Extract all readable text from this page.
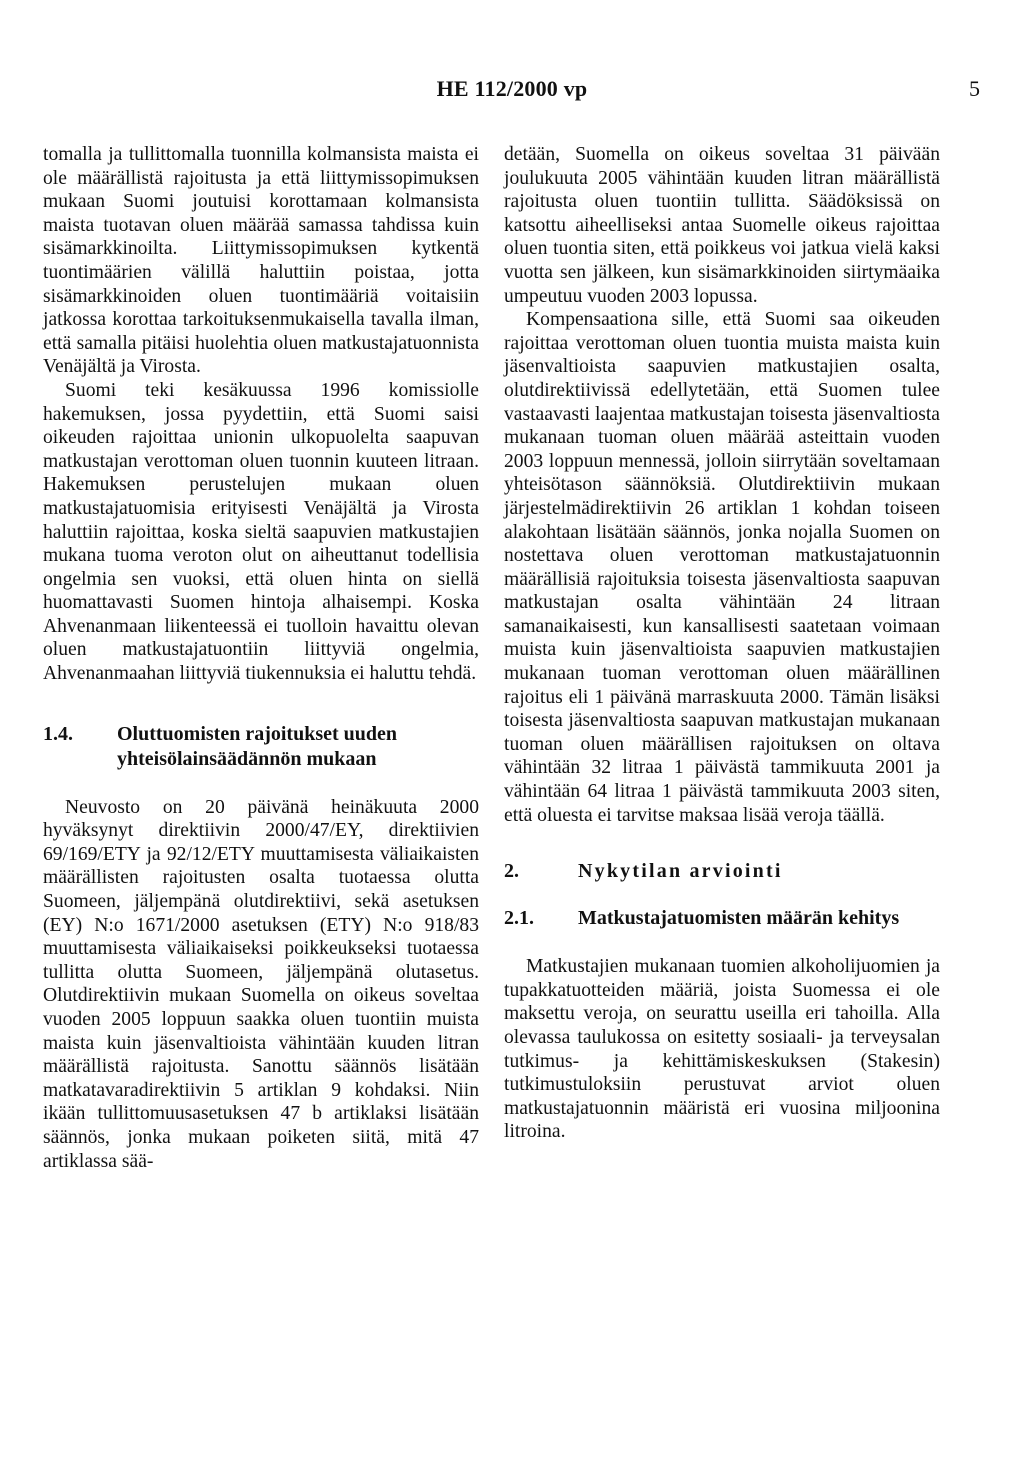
HE 112/2000 vp	5

tomalla ja tullittomalla tuonnilla kolmansista maista ei ole määrällistä rajoitusta ja että liittymissopimuksen mukaan Suomi joutuisi korottamaan kolmansista maista tuotavan oluen määrää samassa tahdissa kuin sisämarkkinoilta. Liittymissopimuksen kytkentä tuontimäärien välillä haluttiin poistaa, jotta sisämarkkinoiden oluen tuontimääriä voitaisiin jatkossa korottaa tarkoituksenmukaisella tavalla ilman, että samalla pitäisi huolehtia oluen matkustajatuonnista Venäjältä ja Virosta.

Suomi teki kesäkuussa 1996 komissiolle hakemuksen, jossa pyydettiin, että Suomi saisi oikeuden rajoittaa unionin ulkopuolelta saapuvan matkustajan verottoman oluen tuonnin kuuteen litraan. Hakemuksen perustelujen mukaan oluen matkustajatuomisia erityisesti Venäjältä ja Virosta haluttiin rajoittaa, koska sieltä saapuvien matkustajien mukana tuoma veroton olut on aiheuttanut todellisia ongelmia sen vuoksi, että oluen hinta on siellä huomattavasti Suomen hintoja alhaisempi. Koska Ahvenanmaan liikenteessä ei tuolloin havaittu olevan oluen matkustajatuontiin liittyviä ongelmia, Ahvenanmaahan liittyviä tiukennuksia ei haluttu tehdä.

1.4.	Oluttuomisten rajoitukset uuden yhteisölainsäädännön mukaan

Neuvosto on 20 päivänä heinäkuuta 2000 hyväksynyt direktiivin 2000/47/EY, direktiivien 69/169/ETY ja 92/12/ETY muuttamisesta väliaikaisten määrällisten rajoitusten osalta tuotaessa olutta Suomeen, jäljempänä olutdirektiivi, sekä asetuksen (EY) N:o 1671/2000 asetuksen (ETY) N:o 918/83 muuttamisesta väliaikaiseksi poikkeukseksi tuotaessa tullitta olutta Suomeen, jäljempänä olutasetus. Olutdirektiivin mukaan Suomella on oikeus soveltaa vuoden 2005 loppuun saakka oluen tuontiin muista maista kuin jäsenvaltioista vähintään kuuden litran määrällistä rajoitusta. Sanottu säännös lisätään matkatavaradirektiivin 5 artiklan 9 kohdaksi. Niin ikään tullittomuusasetuksen 47 b artiklaksi lisätään säännös, jonka mukaan poiketen siitä, mitä 47 artiklassa sää-

detään, Suomella on oikeus soveltaa 31 päivään joulukuuta 2005 vähintään kuuden litran määrällistä rajoitusta oluen tuontiin tullitta. Säädöksissä on katsottu aiheelliseksi antaa Suomelle oikeus rajoittaa oluen tuontia siten, että poikkeus voi jatkua vielä kaksi vuotta sen jälkeen, kun sisämarkkinoiden siirtymäaika umpeutuu vuoden 2003 lopussa.

Kompensaationa sille, että Suomi saa oikeuden rajoittaa verottoman oluen tuontia muista maista kuin jäsenvaltioista saapuvien matkustajien osalta, olutdirektiivissä edellytetään, että Suomen tulee vastaavasti laajentaa matkustajan toisesta jäsenvaltiosta mukanaan tuoman oluen määrää asteittain vuoden 2003 loppuun mennessä, jolloin siirrytään soveltamaan yhteisötason säännöksiä. Olutdirektiivin mukaan järjestelmädirektiivin 26 artiklan 1 kohdan toiseen alakohtaan lisätään säännös, jonka nojalla Suomen on nostettava oluen verottoman matkustajatuonnin määrällisiä rajoituksia toisesta jäsenvaltiosta saapuvan matkustajan osalta vähintään 24 litraan samanaikaisesti, kun kansallisesti saatetaan voimaan muista kuin jäsenvaltioista saapuvien matkustajien mukanaan tuoman verottoman oluen määrällinen rajoitus eli 1 päivänä marraskuuta 2000. Tämän lisäksi toisesta jäsenvaltiosta saapuvan matkustajan mukanaan tuoman oluen määrällisen rajoituksen on oltava vähintään 32 litraa 1 päivästä tammikuuta 2001 ja vähintään 64 litraa 1 päivästä tammikuuta 2003 siten, että oluesta ei tarvitse maksaa lisää veroja täällä.

2.	Nykytilan arviointi
2.1.	Matkustajatuomisten määrän kehitys

Matkustajien mukanaan tuomien alkoholijuomien ja tupakkatuotteiden määriä, joista Suomessa ei ole maksettu veroja, on seurattu useilla eri tahoilla. Alla olevassa taulukossa on esitetty sosiaali- ja terveysalan tutkimus- ja kehittämiskeskuksen (Stakesin) tutkimustuloksiin perustuvat arviot oluen matkustajatuonnin määristä eri vuosina miljoonina litroina.
